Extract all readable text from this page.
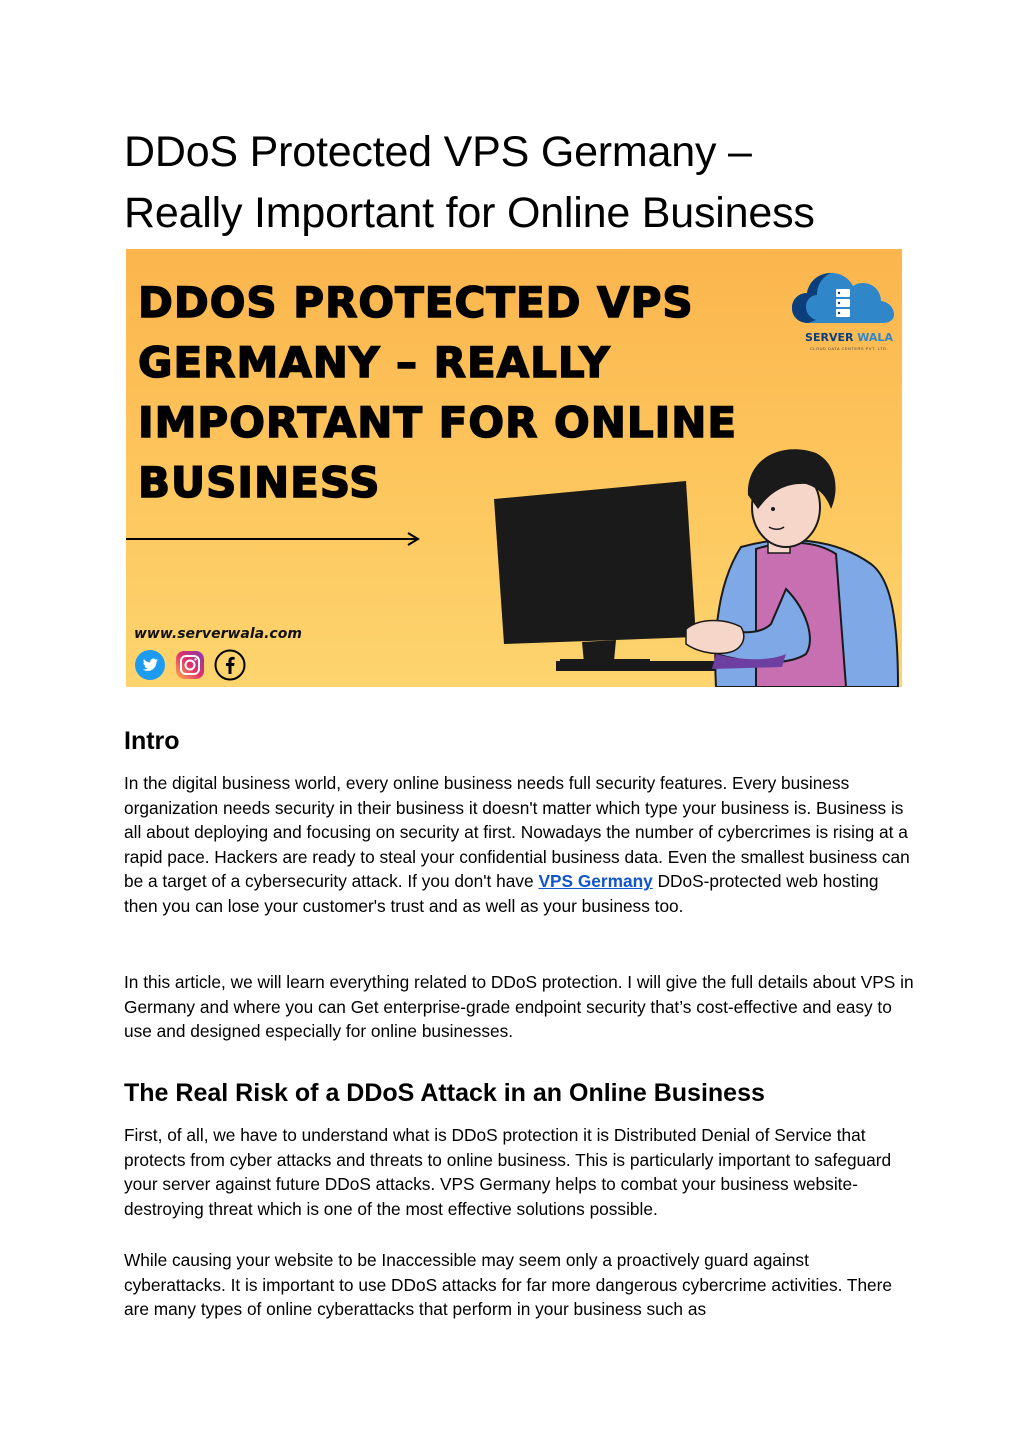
DDoS Protected VPS Germany –
Really Important for Online Business
DDOS PROTECTED VPS
GERMANY – REALLY
IMPORTANT FOR ONLINE
BUSINESS
www.serverwala.com
SERVER WALA
CLOUD DATA CENTERS PVT. LTD.
Intro

In the digital business world, every online business needs full security features. Every business organization needs security in their business it doesn't matter which type your business is. Business is all about deploying and focusing on security at first. Nowadays the number of cybercrimes is rising at a rapid pace. Hackers are ready to steal your confidential business data. Even the smallest business can be a target of a cybersecurity attack. If you don't have VPS Germany DDoS-protected web hosting then you can lose your customer's trust and as well as your business too.

In this article, we will learn everything related to DDoS protection. I will give the full details about VPS in Germany and where you can Get enterprise-grade endpoint security that’s cost-effective and easy to use and designed especially for online businesses.

The Real Risk of a DDoS Attack in an Online Business

First, of all, we have to understand what is DDoS protection it is Distributed Denial of Service that protects from cyber attacks and threats to online business. This is particularly important to safeguard your server against future DDoS attacks. VPS Germany helps to combat your business website-destroying threat which is one of the most effective solutions possible.

While causing your website to be Inaccessible may seem only a proactively guard against cyberattacks. It is important to use DDoS attacks for far more dangerous cybercrime activities. There are many types of online cyberattacks that perform in your business such as
